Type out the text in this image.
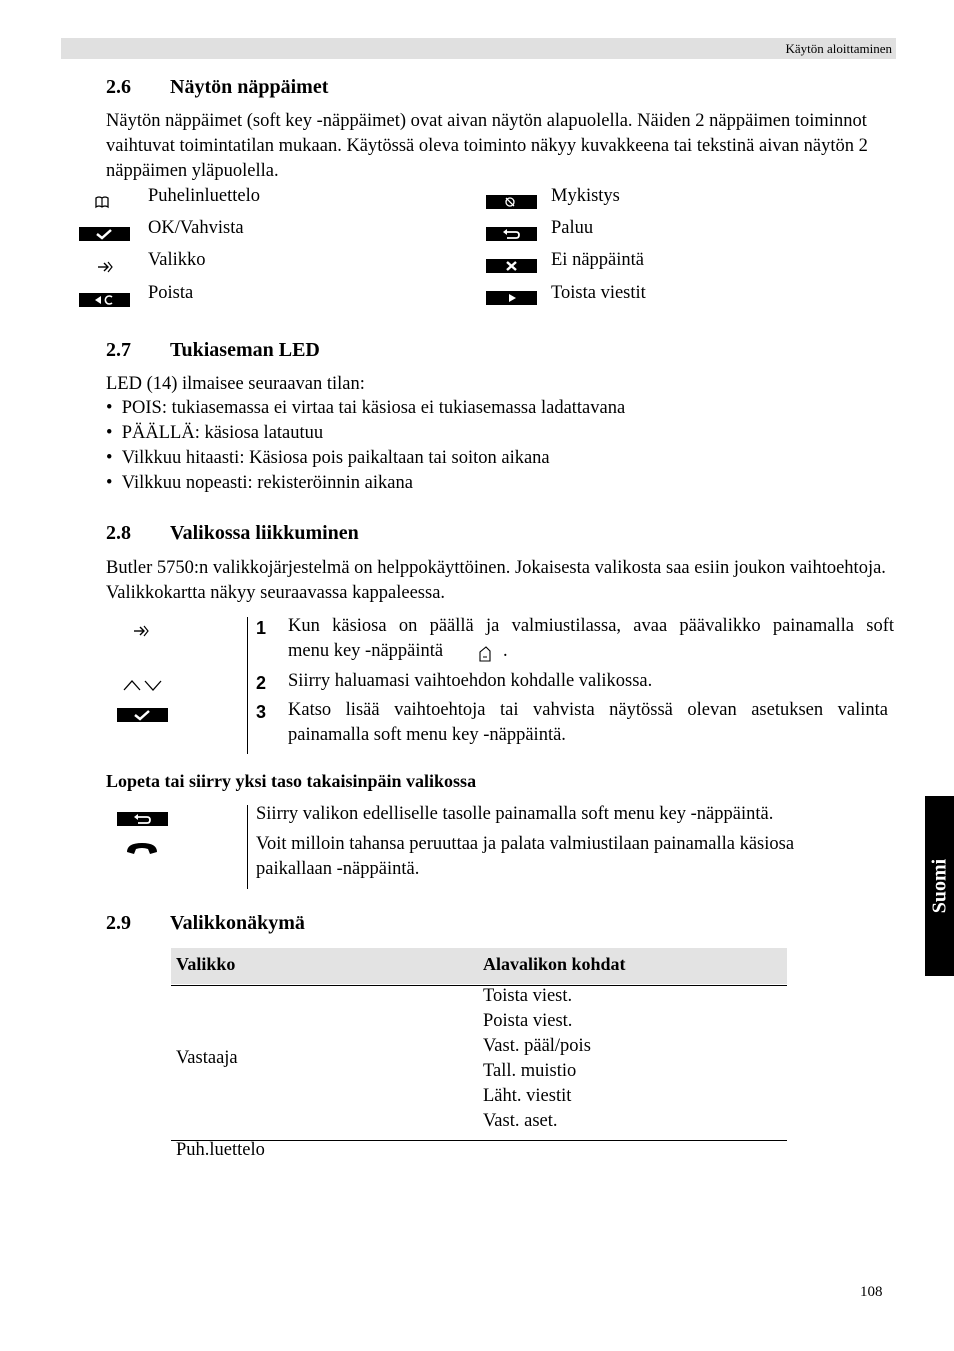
Käytön aloittaminen
2.6 Näytön näppäimet
Näytön näppäimet (soft key -näppäimet) ovat aivan näytön alapuolella. Näiden 2 näppäimen toiminnot vaihtuvat toimintatilan mukaan. Käytössä oleva toiminto näkyy kuvakkeena tai tekstinä aivan näytön 2 näppäimen yläpuolella.
Puhelinluettelo
OK/Vahvista
Valikko
Poista
Mykistys
Paluu
Ei näppäintä
Toista viestit
2.7 Tukiaseman LED
LED (14) ilmaisee seuraavan tilan:
•  POIS: tukiasemassa ei virtaa tai käsiosa ei tukiasemassa ladattavana
•  PÄÄLLÄ: käsiosa latautuu
•  Vilkkuu hitaasti: Käsiosa pois paikaltaan tai soiton aikana
•  Vilkkuu nopeasti: rekisteröinnin aikana
2.8 Valikossa liikkuminen
Butler 5750:n valikkojärjestelmä on helppokäyttöinen. Jokaisesta valikosta saa esiin joukon vaihtoehtoja. Valikkokartta näkyy seuraavassa kappaleessa.
1 Kun käsiosa on päällä ja valmiustilassa, avaa päävalikko painamalla soft
menu key -näppäintä	.
2 Siirry haluamasi vaihtoehdon kohdalle valikossa.
3 Katso lisää vaihtoehtoja tai vahvista näytössä olevan asetuksen valinta
painamalla soft menu key -näppäintä.
Lopeta tai siirry yksi taso takaisinpäin valikossa
Siirry valikon edelliselle tasolle painamalla soft menu key -näppäintä.
Voit milloin tahansa peruuttaa ja palata valmiustilaan painamalla käsiosa
paikallaan -näppäintä.
2.9 Valikkonäkymä
Valikko	Alavalikon kohdat
Vastaaja
Toista viest.
Poista viest.
Vast. pääl/pois
Tall. muistio
Läht. viestit
Vast. aset.
Puh.luettelo
Suomi
108
